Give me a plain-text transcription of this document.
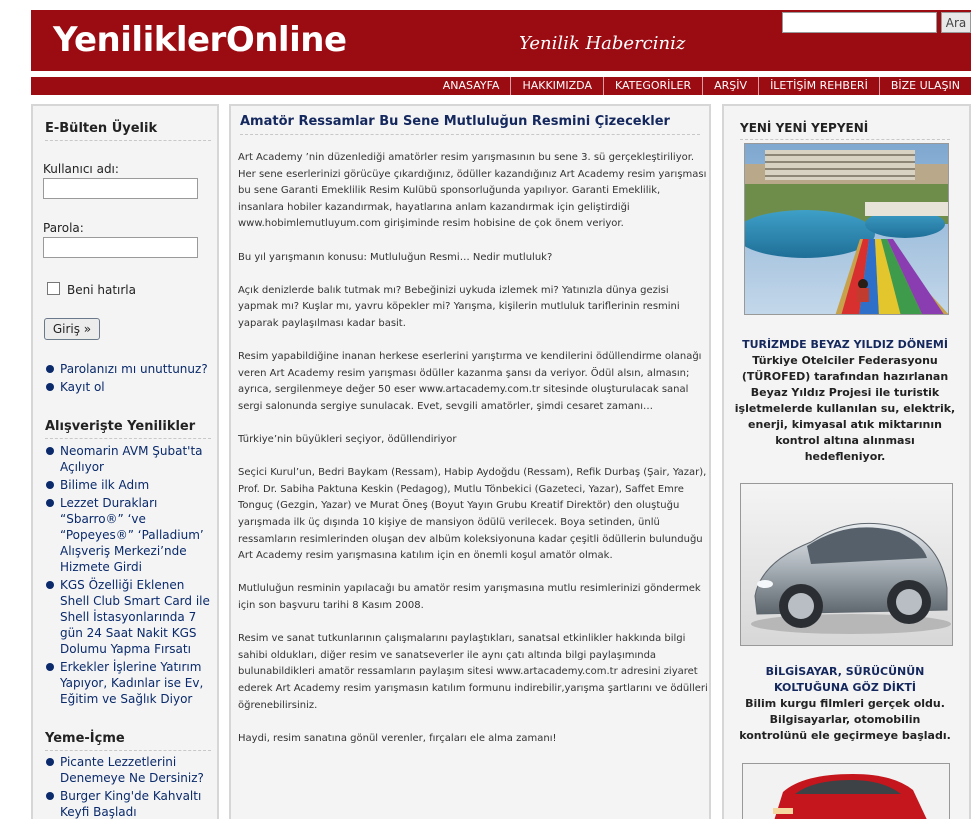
YeniliklerOnline	Yenilik Haberciniz
Ara
ANASAYFA	HAKKIMIZDA	KATEGORİLER	ARŞİV	İLETİŞİM REHBERİ	BİZE ULAŞIN
E-Bülten Üyelik
Kullanıcı adı:
Parola:
Beni hatırla
Giriş »
Parolanızı mı unuttunuz?
Kayıt ol
Alışverişte Yenilikler
Neomarin AVM Şubat'ta Açılıyor
Bilime ilk Adım
Lezzet Durakları “Sbarro®” ‘ve “Popeyes®” ‘Palladium’ Alışveriş Merkezi’nde Hizmete Girdi
KGS Özelliği Eklenen Shell Club Smart Card ile Shell İstasyonlarında 7 gün 24 Saat Nakit KGS Dolumu Yapma Fırsatı
Erkekler İşlerine Yatırım Yapıyor, Kadınlar ise Ev, Eğitim ve Sağlık Diyor
Yeme-İçme
Picante Lezzetlerini Denemeye Ne Dersiniz?
Burger King'de Kahvaltı Keyfi Başladı
Amatör Ressamlar Bu Sene Mutluluğun Resmini Çizecekler

Art Academy ’nin düzenlediği amatörler resim yarışmasının bu sene 3. sü gerçekleştiriliyor. Her sene eserlerinizi görücüye çıkardığınız, ödüller kazandığınız Art Academy resim yarışması bu sene Garanti Emeklilik Resim Kulübü sponsorluğunda yapılıyor. Garanti Emeklilik, insanlara hobiler kazandırmak, hayatlarına anlam kazandırmak için geliştirdiği www.hobimlemutluyum.com girişiminde resim hobisine de çok önem veriyor.

Bu yıl yarışmanın konusu: Mutluluğun Resmi… Nedir mutluluk?

Açık denizlerde balık tutmak mı? Bebeğinizi uykuda izlemek mi? Yatınızla dünya gezisi yapmak mı? Kuşlar mı, yavru köpekler mi? Yarışma, kişilerin mutluluk tariflerinin resmini yaparak paylaşılması kadar basit.

Resim yapabildiğine inanan herkese eserlerini yarıştırma ve kendilerini ödüllendirme olanağı veren Art Academy resim yarışması ödüller kazanma şansı da veriyor. Ödül alsın, almasın; ayrıca, sergilenmeye değer 50 eser www.artacademy.com.tr sitesinde oluşturulacak sanal sergi salonunda sergiye sunulacak. Evet, sevgili amatörler, şimdi cesaret zamanı…

Türkiye’nin büyükleri seçiyor, ödüllendiriyor

Seçici Kurul’un, Bedri Baykam (Ressam), Habip Aydoğdu (Ressam), Refik Durbaş (Şair, Yazar), Prof. Dr. Sabiha Paktuna Keskin (Pedagog), Mutlu Tönbekici (Gazeteci, Yazar), Saffet Emre Tonguç (Gezgin, Yazar) ve Murat Öneş (Boyut Yayın Grubu Kreatif Direktör) den oluştuğu yarışmada ilk üç dışında 10 kişiye de mansiyon ödülü verilecek. Boya setinden, ünlü ressamların resimlerinden oluşan dev albüm koleksiyonuna kadar çeşitli ödüllerin bulunduğu Art Academy resim yarışmasına katılım için en önemli koşul amatör olmak.

Mutluluğun resminin yapılacağı bu amatör resim yarışmasına mutlu resimlerinizi göndermek için son başvuru tarihi 8 Kasım 2008.

Resim ve sanat tutkunlarının çalışmalarını paylaştıkları, sanatsal etkinlikler hakkında bilgi sahibi oldukları, diğer resim ve sanatseverler ile aynı çatı altında bilgi paylaşımında bulunabildikleri amatör ressamların paylaşım sitesi www.artacademy.com.tr adresini ziyaret ederek Art Academy resim yarışmasın katılım formunu indirebilir,yarışma şartlarını ve ödülleri öğrenebilirsiniz.

Haydi, resim sanatına gönül verenler, fırçaları ele alma zamanı!

YENİ YENİ YEPYENİ
TURİZMDE BEYAZ YILDIZ DÖNEMİ
Türkiye Otelciler Federasyonu (TÜROFED) tarafından hazırlanan Beyaz Yıldız Projesi ile turistik işletmelerde kullanılan su, elektrik, enerji, kimyasal atık miktarının kontrol altına alınması hedefleniyor.
BİLGİSAYAR, SÜRÜCÜNÜN KOLTUĞUNA GÖZ DİKTİ
Bilim kurgu filmleri gerçek oldu. Bilgisayarlar, otomobilin kontrolünü ele geçirmeye başladı.
